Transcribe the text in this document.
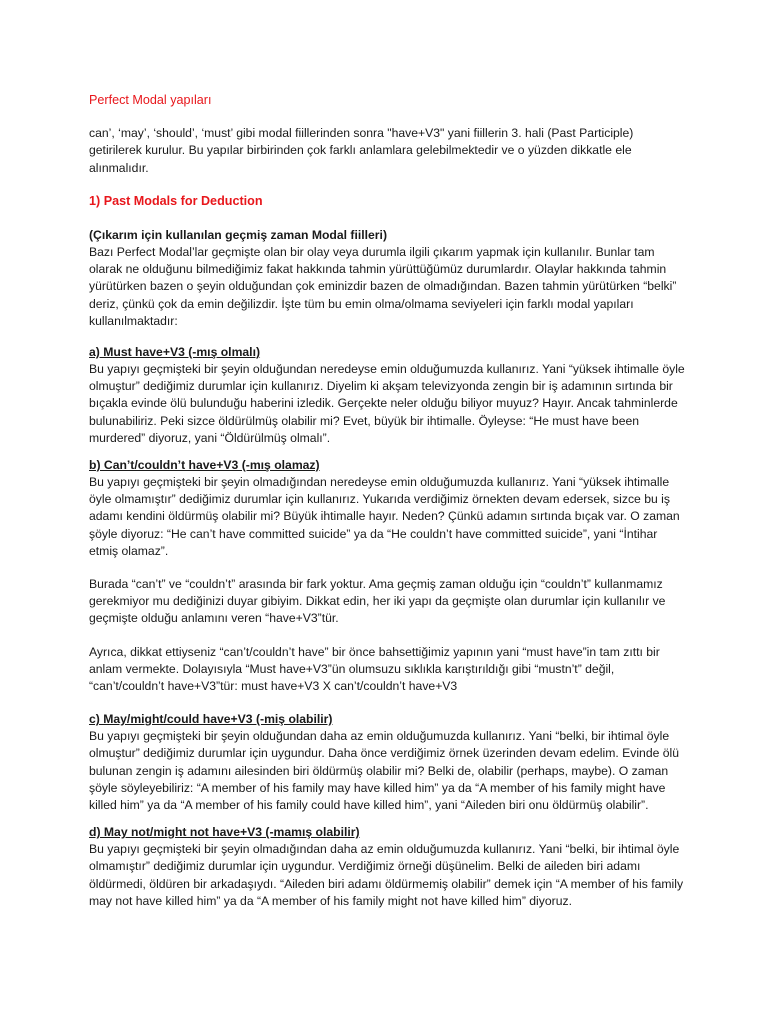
Perfect Modal yapıları

can’, ‘may’, ‘should’, ‘must’ gibi modal fiillerinden sonra "have+V3" yani fiillerin 3. hali (Past Participle) getirilerek kurulur. Bu yapılar birbirinden çok farklı anlamlara gelebilmektedir ve o yüzden dikkatle ele alınmalıdır.

1) Past Modals for Deduction
(Çıkarım için kullanılan geçmiş zaman Modal fiilleri)

Bazı Perfect Modal’lar geçmişte olan bir olay veya durumla ilgili çıkarım yapmak için kullanılır. Bunlar tam olarak ne olduğunu bilmediğimiz fakat hakkında tahmin yürüttüğümüz durumlardır. Olaylar hakkında tahmin yürütürken bazen o şeyin olduğundan çok eminizdir bazen de olmadığından. Bazen tahmin yürütürken “belki” deriz, çünkü çok da emin değilizdir. İşte tüm bu emin olma/olmama seviyeleri için farklı modal yapıları kullanılmaktadır:

a) Must have+V3 (-mış olmalı)

Bu yapıyı geçmişteki bir şeyin olduğundan neredeyse emin olduğumuzda kullanırız. Yani “yüksek ihtimalle öyle olmuştur” dediğimiz durumlar için kullanırız. Diyelim ki akşam televizyonda zengin bir iş adamının sırtında bir bıçakla evinde ölü bulunduğu haberini izledik. Gerçekte neler olduğu biliyor muyuz? Hayır. Ancak tahminlerde bulunabiliriz. Peki sizce öldürülmüş olabilir mi? Evet, büyük bir ihtimalle. Öyleyse: “He must have been murdered” diyoruz, yani “Öldürülmüş olmalı”.

b) Can’t/couldn’t have+V3 (-mış olamaz)

Bu yapıyı geçmişteki bir şeyin olmadığından neredeyse emin olduğumuzda kullanırız. Yani “yüksek ihtimalle öyle olmamıştır” dediğimiz durumlar için kullanırız. Yukarıda verdiğimiz örnekten devam edersek, sizce bu iş adamı kendini öldürmüş olabilir mi? Büyük ihtimalle hayır. Neden? Çünkü adamın sırtında bıçak var. O zaman şöyle diyoruz: “He can’t have committed suicide” ya da “He couldn’t have committed suicide”, yani “İntihar etmiş olamaz”.

Burada “can’t” ve “couldn’t” arasında bir fark yoktur. Ama geçmiş zaman olduğu için “couldn’t” kullanmamız gerekmiyor mu dediğinizi duyar gibiyim. Dikkat edin, her iki yapı da geçmişte olan durumlar için kullanılır ve geçmişte olduğu anlamını veren “have+V3”tür.

Ayrıca, dikkat ettiyseniz “can’t/couldn’t have” bir önce bahsettiğimiz yapının yani “must have”in tam zıttı bir anlam vermekte. Dolayısıyla “Must have+V3”ün olumsuzu sıklıkla karıştırıldığı gibi “mustn’t” değil, “can’t/couldn’t have+V3”tür: must have+V3 X can’t/couldn’t have+V3

c) May/might/could have+V3 (-miş olabilir)

Bu yapıyı geçmişteki bir şeyin olduğundan daha az emin olduğumuzda kullanırız. Yani “belki, bir ihtimal öyle olmuştur” dediğimiz durumlar için uygundur. Daha önce verdiğimiz örnek üzerinden devam edelim. Evinde ölü bulunan zengin iş adamını ailesinden biri öldürmüş olabilir mi? Belki de, olabilir (perhaps, maybe). O zaman şöyle söyleyebiliriz: “A member of his family may have killed him” ya da “A member of his family might have killed him” ya da “A member of his family could have killed him”, yani “Aileden biri onu öldürmüş olabilir”.

d) May not/might not have+V3 (-mamış olabilir)

Bu yapıyı geçmişteki bir şeyin olmadığından daha az emin olduğumuzda kullanırız. Yani “belki, bir ihtimal öyle olmamıştır” dediğimiz durumlar için uygundur. Verdiğimiz örneği düşünelim. Belki de aileden biri adamı öldürmedi, öldüren bir arkadaşıydı. “Aileden biri adamı öldürmemiş olabilir” demek için “A member of his family may not have killed him” ya da “A member of his family might not have killed him” diyoruz.
